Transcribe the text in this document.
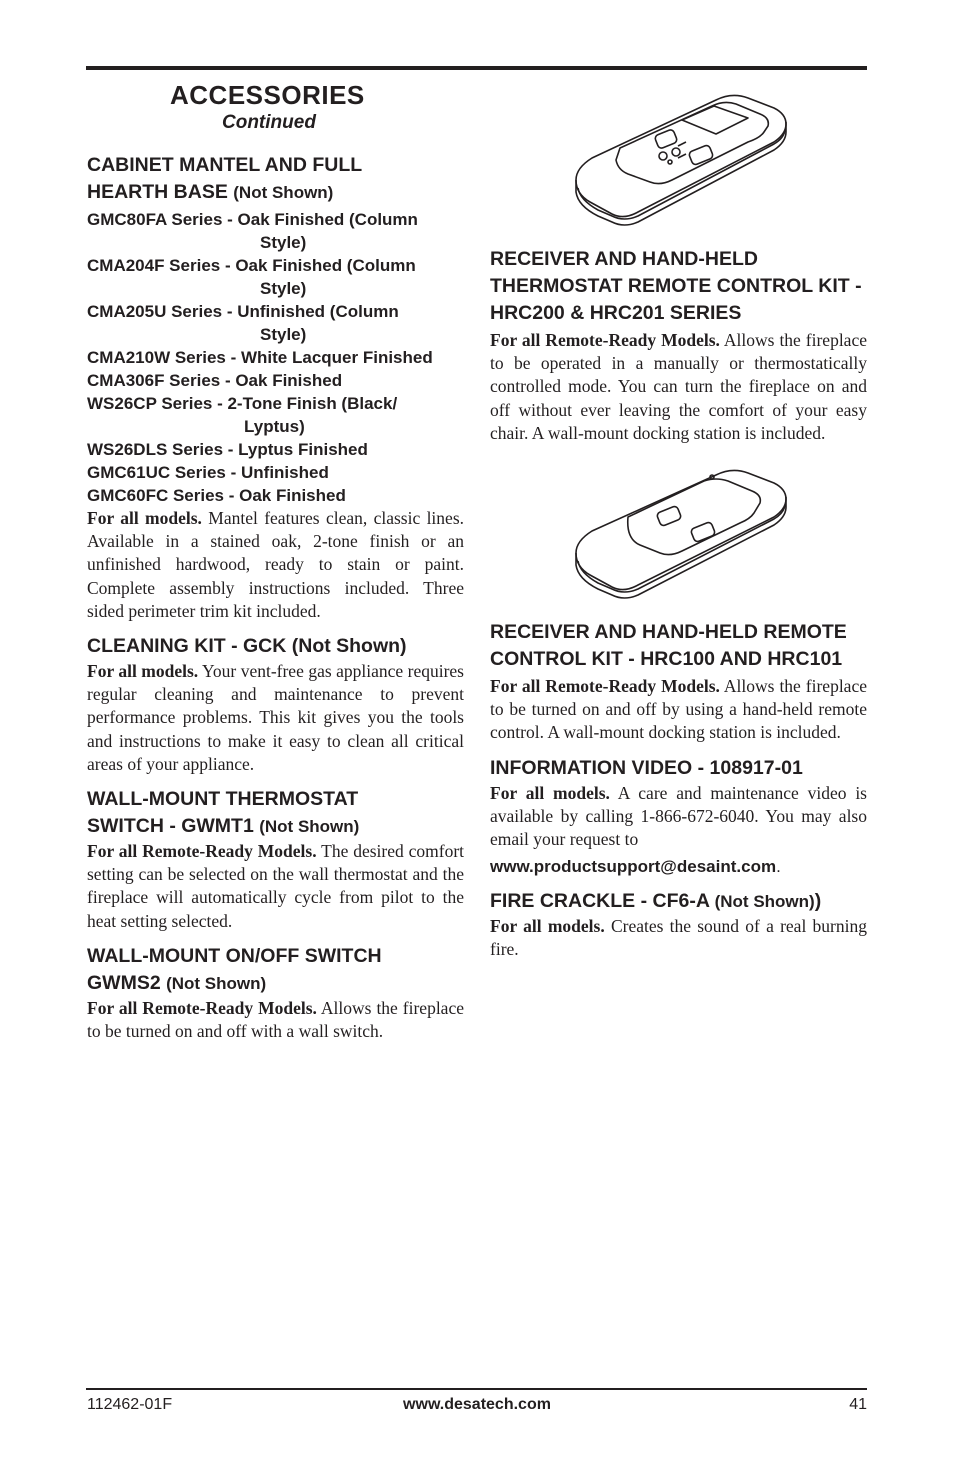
ACCESSORIES
Continued
CABINET MANTEL AND FULL HEARTH BASE (Not Shown)
GMC80FA Series - Oak Finished (Column
Style)
CMA204F Series - Oak Finished (Column
Style)
CMA205U Series - Unfinished (Column
Style)
CMA210W Series - White Lacquer Finished
CMA306F Series - Oak Finished
WS26CP Series - 2-Tone Finish (Black/
Lyptus)
WS26DLS Series - Lyptus Finished
GMC61UC Series - Unfinished
GMC60FC Series - Oak Finished

For all models. Mantel features clean, classic lines. Available in a stained oak, 2-tone finish or an unfinished hardwood, ready to stain or paint. Complete assembly instructions included. Three sided perimeter trim kit included.

CLEANING KIT - GCK (Not Shown)

For all models. Your vent-free gas appliance requires regular cleaning and maintenance to prevent performance problems. This kit gives you the tools and instructions to make it easy to clean all critical areas of your appliance.

WALL-MOUNT THERMOSTAT SWITCH - GWMT1 (Not Shown)

For all Remote-Ready Models. The desired comfort setting can be selected on the wall thermostat and the fireplace will automatically cycle from pilot to the heat setting selected.

WALL-MOUNT ON/OFF SWITCH GWMS2 (Not Shown)

For all Remote-Ready Models. Allows the fireplace to be turned on and off with a wall switch.

RECEIVER AND HAND-HELD THERMOSTAT REMOTE CONTROL KIT - HRC200 & HRC201 SERIES

For all Remote-Ready Models. Allows the fireplace to be operated in a manually or thermostatically controlled mode. You can turn the fireplace on and off without ever leaving the comfort of your easy chair. A wall-mount docking station is included.

RECEIVER AND HAND-HELD REMOTE CONTROL KIT - HRC100 AND HRC101

For all Remote-Ready Models. Allows the fireplace to be turned on and off by using a hand-held remote control. A wall-mount docking station is included.

INFORMATION VIDEO - 108917-01

For all models. A care and maintenance video is available by calling 1-866-672-6040. You may also email your request to

www.productsupport@desaint.com.
FIRE CRACKLE - CF6-A (Not Shown))

For all models. Creates the sound of a real burning fire.

112462-01F	www.desatech.com	41
